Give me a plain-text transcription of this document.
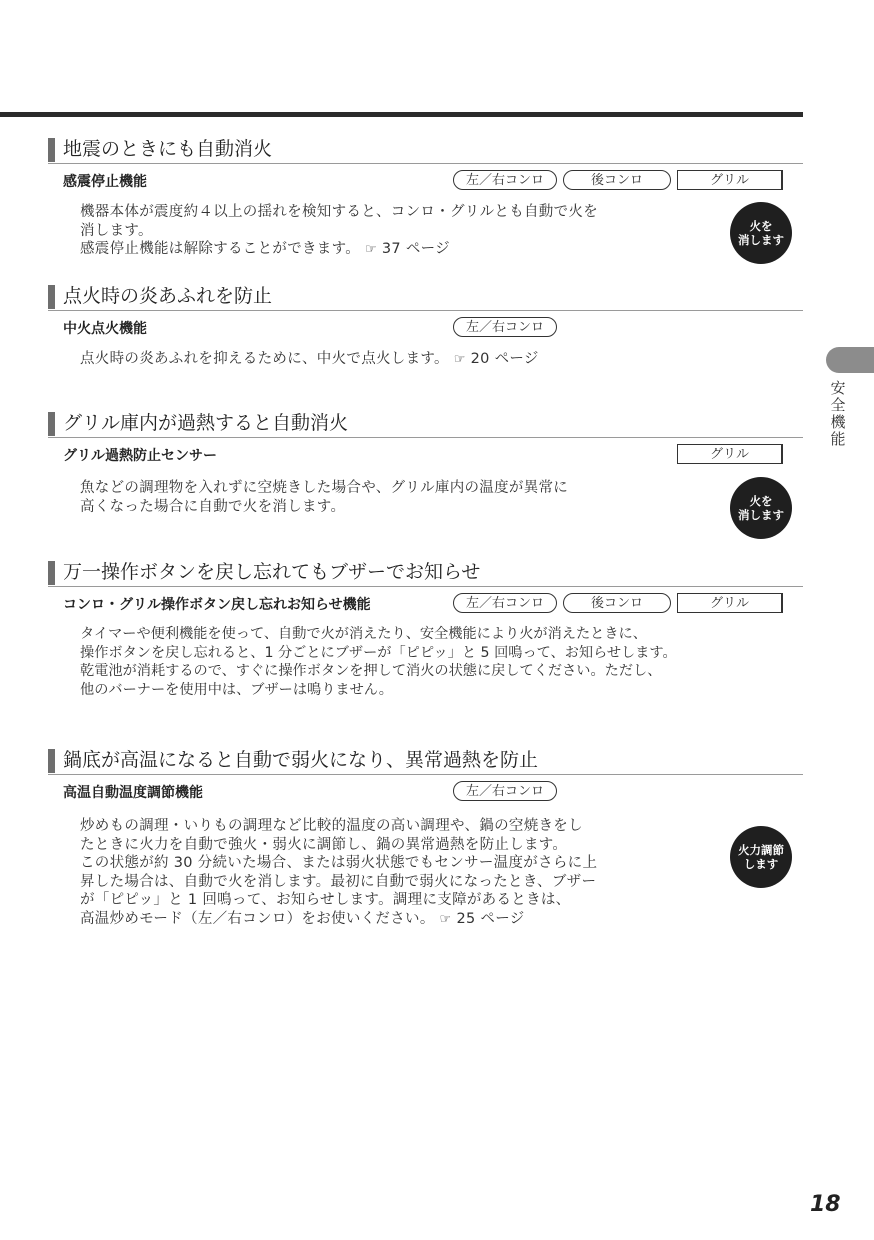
地震のときにも自動消火
感震停止機能	左／右コンロ	後コンロ	グリル

機器本体が震度約４以上の揺れを検知すると、コンロ・グリルとも自動で火を

消します。

感震停止機能は解除することができます。 ☞ 37 ページ

火を
消します
点火時の炎あふれを防止
中火点火機能	左／右コンロ

点火時の炎あふれを抑えるために、中火で点火します。 ☞ 20 ページ

グリル庫内が過熱すると自動消火
グリル過熱防止センサー	グリル

魚などの調理物を入れずに空焼きした場合や、グリル庫内の温度が異常に

高くなった場合に自動で火を消します。	火を
消します
万一操作ボタンを戻し忘れてもブザーでお知らせ
コンロ・グリル操作ボタン戻し忘れお知らせ機能	左／右コンロ	後コンロ	グリル

タイマーや便利機能を使って、自動で火が消えたり、安全機能により火が消えたときに、

操作ボタンを戻し忘れると、1 分ごとにブザーが「ピピッ」と 5 回鳴って、お知らせします。

乾電池が消耗するので、すぐに操作ボタンを押して消火の状態に戻してください。ただし、

他のバーナーを使用中は、ブザーは鳴りません。

鍋底が高温になると自動で弱火になり、異常過熱を防止
高温自動温度調節機能	左／右コンロ

炒めもの調理・いりもの調理など比較的温度の高い調理や、鍋の空焼きをし

たときに火力を自動で強火・弱火に調節し、鍋の異常過熱を防止します。

この状態が約 30 分続いた場合、または弱火状態でもセンサー温度がさらに上

昇した場合は、自動で火を消します。最初に自動で弱火になったとき、ブザー

が「ピピッ」と 1 回鳴って、お知らせします。調理に支障があるときは、

高温炒めモード（左／右コンロ）をお使いください。 ☞ 25 ページ

火力調節
します
安
全
機
能
18
